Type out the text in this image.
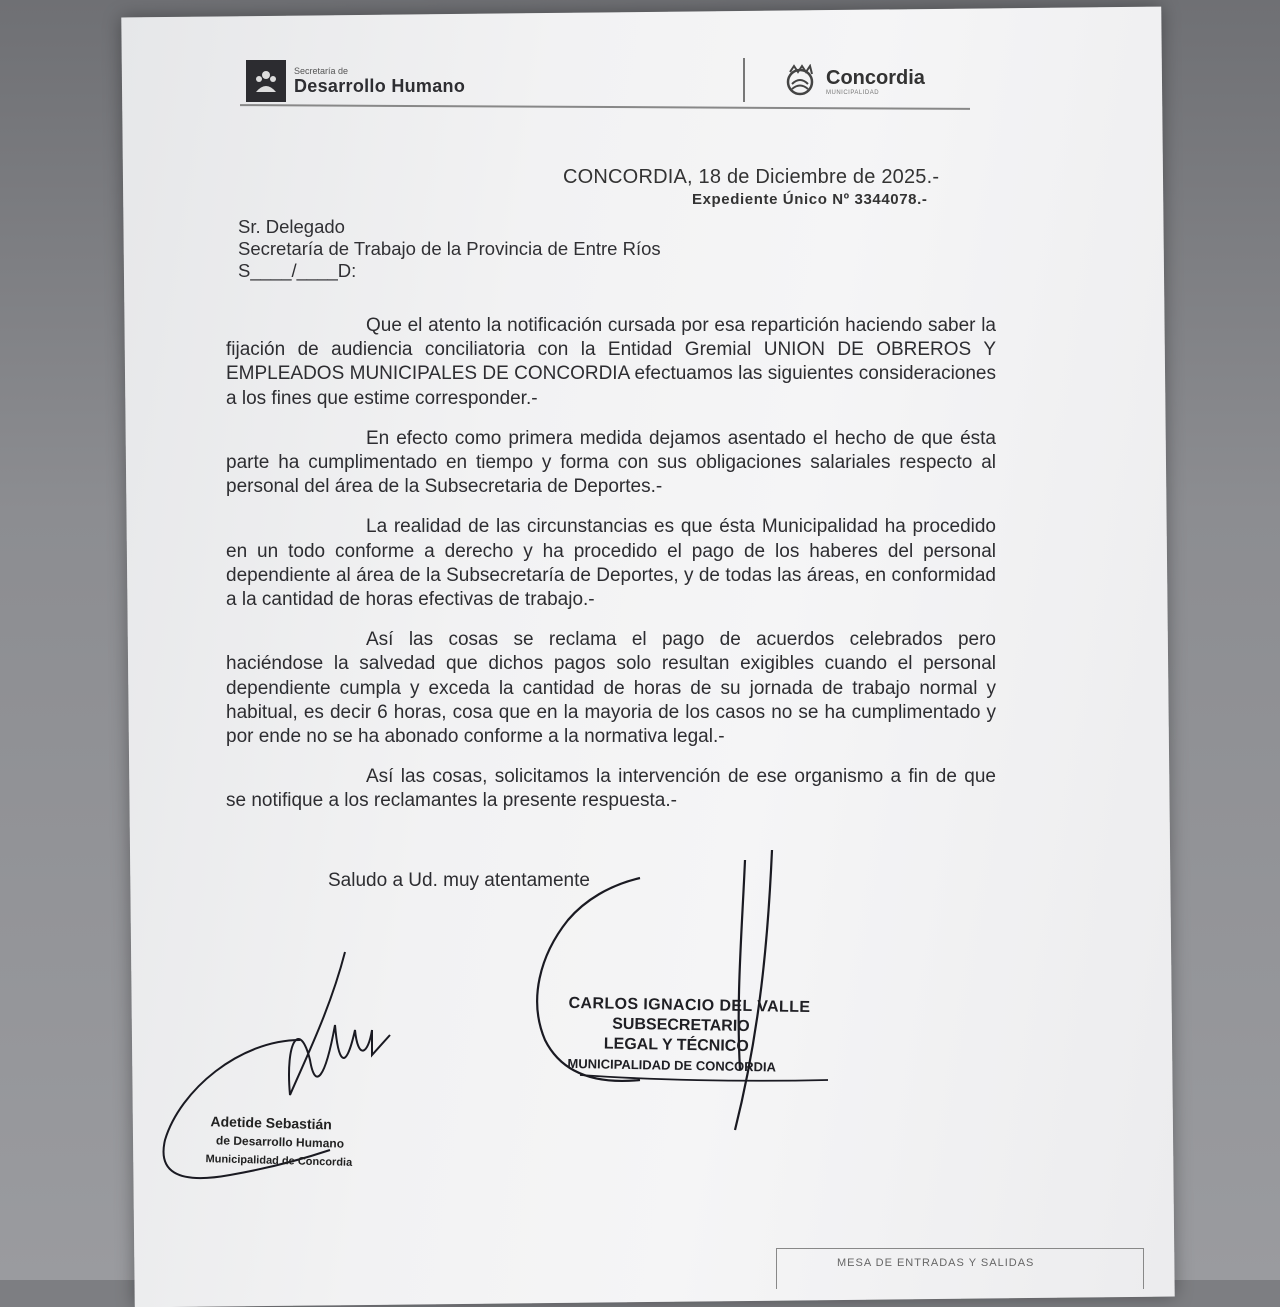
Secretaría de
Desarrollo Humano	Concordia
MUNICIPALIDAD
CONCORDIA, 18 de Diciembre de 2025.-
Expediente Único Nº 3344078.-
Sr. Delegado
Secretaría de Trabajo de la Provincia de Entre Ríos
S____/____D:

Que el atento la notificación cursada por esa repartición haciendo saber la fijación de audiencia conciliatoria con la Entidad Gremial UNION DE OBREROS Y EMPLEADOS MUNICIPALES DE CONCORDIA efectuamos las siguientes consideraciones a los fines que estime corresponder.-

En efecto como primera medida dejamos asentado el hecho de que ésta parte ha cumplimentado en tiempo y forma con sus obligaciones salariales respecto al personal del área de la Subsecretaria de Deportes.-

La realidad de las circunstancias es que ésta Municipalidad ha procedido en un todo conforme a derecho y ha procedido el pago de los haberes del personal dependiente al área de la Subsecretaría de Deportes, y de todas las áreas, en conformidad a la cantidad de horas efectivas de trabajo.-

Así las cosas se reclama el pago de acuerdos celebrados pero haciéndose la salvedad que dichos pagos solo resultan exigibles cuando el personal dependiente cumpla y exceda la cantidad de horas de su jornada de trabajo normal y habitual, es decir 6 horas, cosa que en la mayoria de los casos no se ha cumplimentado y por ende no se ha abonado conforme a la normativa legal.-

Así las cosas, solicitamos la intervención de ese organismo a fin de que se notifique a los reclamantes la presente respuesta.-

Saludo a Ud. muy atentamente
CARLOS IGNACIO DEL VALLE
SUBSECRETARIO
LEGAL Y TÉCNICO
MUNICIPALIDAD DE CONCORDIA
Adetide Sebastián
de Desarrollo Humano
Municipalidad de Concordia
MESA DE ENTRADAS Y SALIDAS
